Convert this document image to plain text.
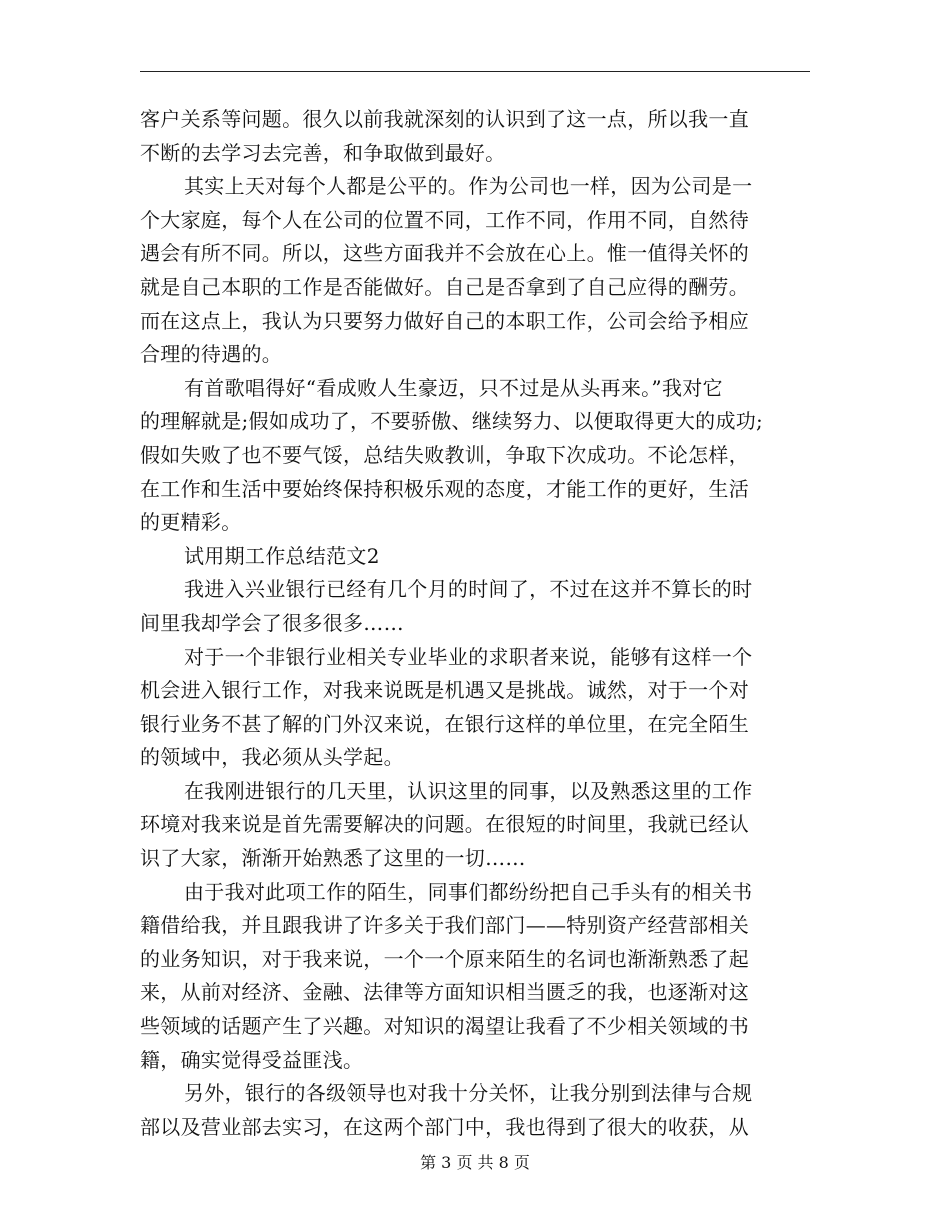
客户关系等问题。很久以前我就深刻的认识到了这一点，所以我一直
不断的去学习去完善，和争取做到最好。
其实上天对每个人都是公平的。作为公司也一样，因为公司是一
个大家庭，每个人在公司的位置不同，工作不同，作用不同，自然待
遇会有所不同。所以，这些方面我并不会放在心上。惟一值得关怀的
就是自己本职的工作是否能做好。自己是否拿到了自己应得的酬劳。
而在这点上，我认为只要努力做好自己的本职工作，公司会给予相应
合理的待遇的。
有首歌唱得好“看成败人生豪迈，只不过是从头再来。”我对它
的理解就是;假如成功了，不要骄傲、继续努力、以便取得更大的成功;
假如失败了也不要气馁，总结失败教训，争取下次成功。不论怎样，
在工作和生活中要始终保持积极乐观的态度，才能工作的更好，生活
的更精彩。
试用期工作总结范文2
我进入兴业银行已经有几个月的时间了，不过在这并不算长的时
间里我却学会了很多很多……
对于一个非银行业相关专业毕业的求职者来说，能够有这样一个
机会进入银行工作，对我来说既是机遇又是挑战。诚然，对于一个对
银行业务不甚了解的门外汉来说，在银行这样的单位里，在完全陌生
的领域中，我必须从头学起。
在我刚进银行的几天里，认识这里的同事，以及熟悉这里的工作
环境对我来说是首先需要解决的问题。在很短的时间里，我就已经认
识了大家，渐渐开始熟悉了这里的一切……
由于我对此项工作的陌生，同事们都纷纷把自己手头有的相关书
籍借给我，并且跟我讲了许多关于我们部门——特别资产经营部相关
的业务知识，对于我来说，一个一个原来陌生的名词也渐渐熟悉了起
来，从前对经济、金融、法律等方面知识相当匮乏的我，也逐渐对这
些领域的话题产生了兴趣。对知识的渴望让我看了不少相关领域的书
籍，确实觉得受益匪浅。
另外，银行的各级领导也对我十分关怀，让我分别到法律与合规
部以及营业部去实习，在这两个部门中，我也得到了很大的收获，从
第 3 页 共 8 页
